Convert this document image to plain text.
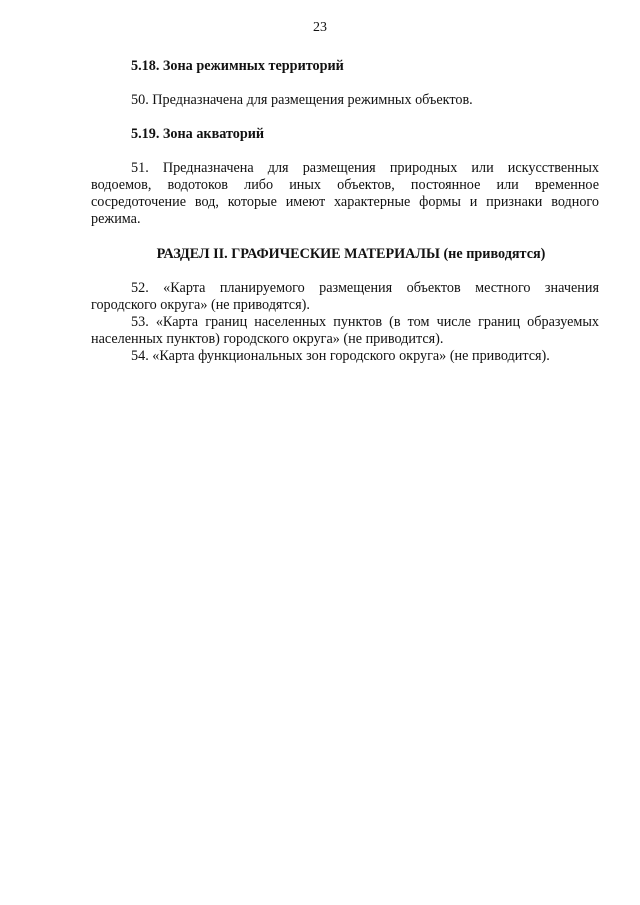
23
5.18. Зона режимных территорий

50. Предназначена для размещения режимных объектов.

5.19. Зона акваторий

51. Предназначена для размещения природных или искусственных водоемов, водотоков либо иных объектов, постоянное или временное сосредоточение вод, которые имеют характерные формы и признаки водного режима.

РАЗДЕЛ II. ГРАФИЧЕСКИЕ МАТЕРИАЛЫ (не приводятся)

52. «Карта планируемого размещения объектов местного значения городского округа» (не приводятся).

53. «Карта границ населенных пунктов (в том числе границ образуемых населенных пунктов) городского округа» (не приводится).

54. «Карта функциональных зон городского округа» (не приводится).
